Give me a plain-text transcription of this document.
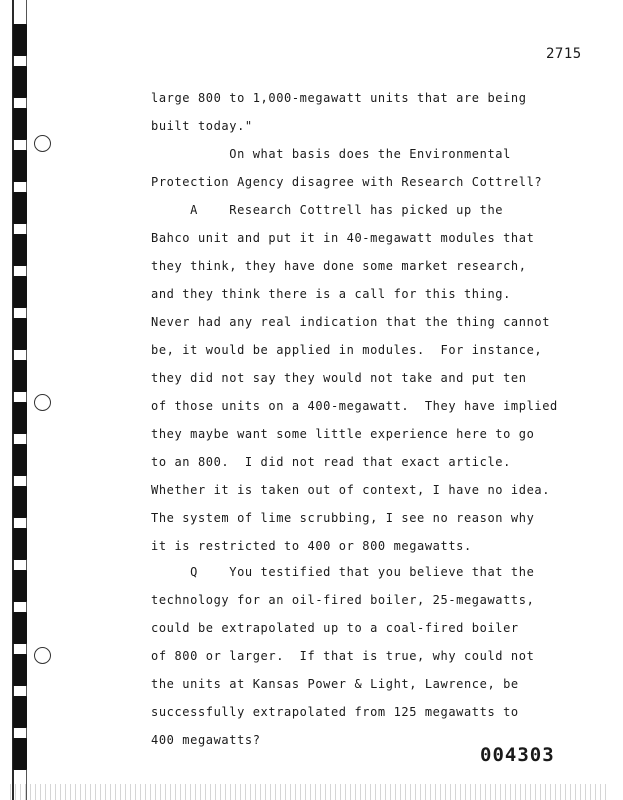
2715
large 800 to 1,000-megawatt units that are being
built today."
On what basis does the Environmental
Protection Agency disagree with Research Cottrell?
A    Research Cottrell has picked up the
Bahco unit and put it in 40-megawatt modules that
they think, they have done some market research,
and they think there is a call for this thing.
Never had any real indication that the thing cannot
be, it would be applied in modules.  For instance,
they did not say they would not take and put ten
of those units on a 400-megawatt.  They have implied
they maybe want some little experience here to go
to an 800.  I did not read that exact article.
Whether it is taken out of context, I have no idea.
The system of lime scrubbing, I see no reason why
it is restricted to 400 or 800 megawatts.
Q    You testified that you believe that the
technology for an oil-fired boiler, 25-megawatts,
could be extrapolated up to a coal-fired boiler
of 800 or larger.  If that is true, why could not
the units at Kansas Power & Light, Lawrence, be
successfully extrapolated from 125 megawatts to
400 megawatts?
004303
